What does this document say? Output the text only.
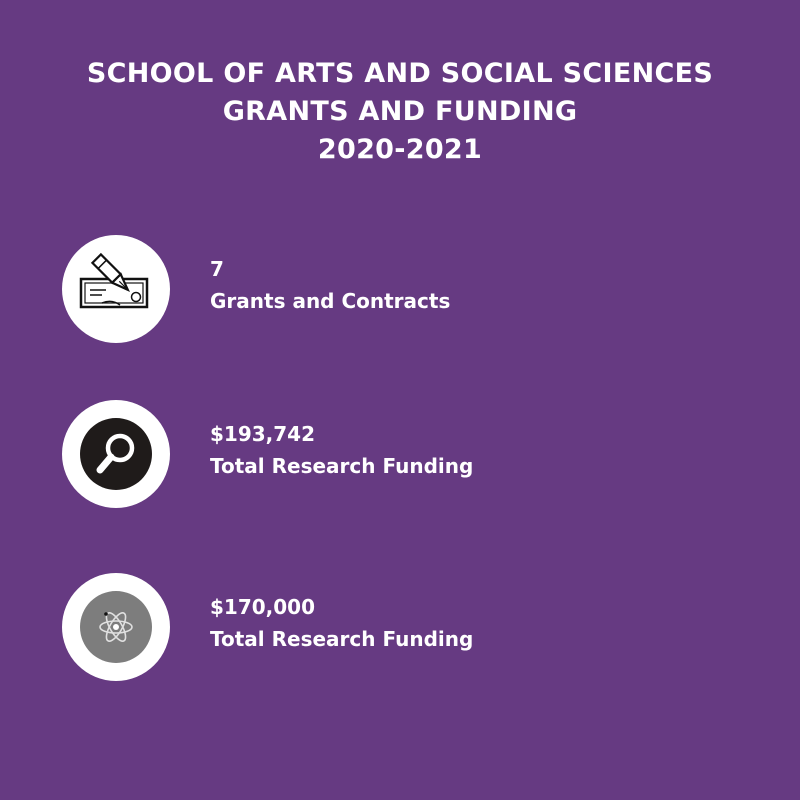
SCHOOL OF ARTS AND SOCIAL SCIENCES
GRANTS AND FUNDING
2020-2021
7
Grants and Contracts
$193,742
Total Research Funding
$170,000
Total Research Funding
